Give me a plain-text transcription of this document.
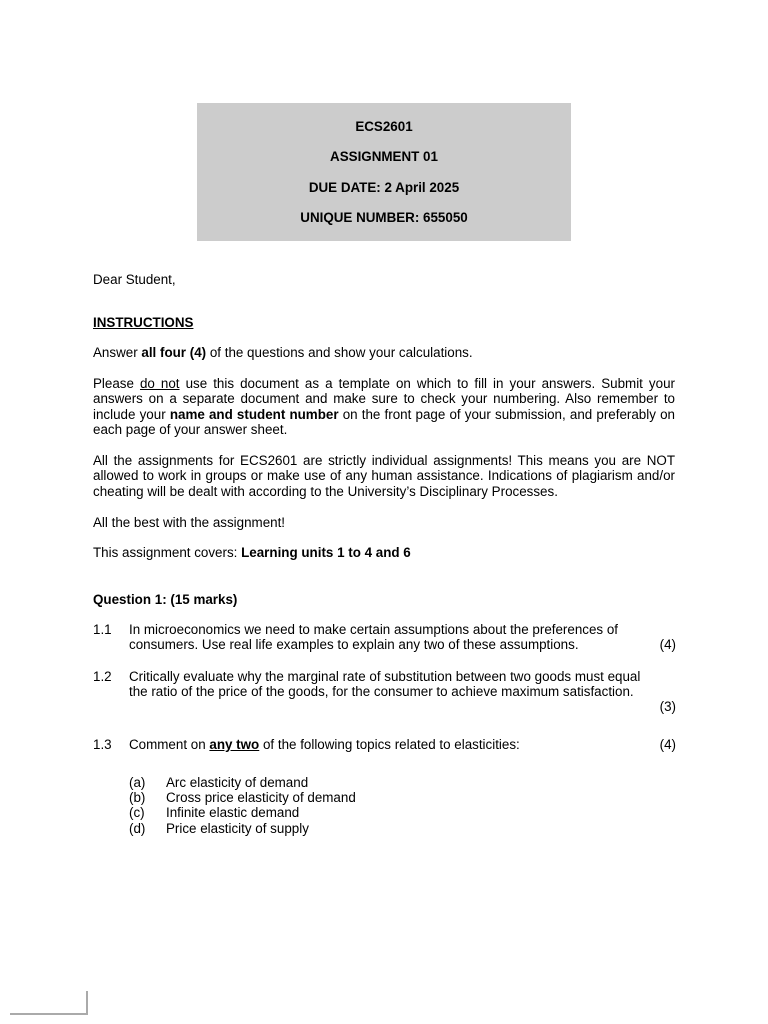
ECS2601
ASSIGNMENT 01
DUE DATE: 2 April 2025
UNIQUE NUMBER: 655050
Dear Student,
INSTRUCTIONS
Answer all four (4) of the questions and show your calculations.
Please do not use this document as a template on which to fill in your answers. Submit your answers on a separate document and make sure to check your numbering. Also remember to include your name and student number on the front page of your submission, and preferably on each page of your answer sheet.
All the assignments for ECS2601 are strictly individual assignments! This means you are NOT allowed to work in groups or make use of any human assistance. Indications of plagiarism and/or cheating will be dealt with according to the University’s Disciplinary Processes.
All the best with the assignment!
This assignment covers: Learning units 1 to 4 and 6
Question 1: (15 marks)
1.1 In microeconomics we need to make certain assumptions about the preferences of
consumers. Use real life examples to explain any two of these assumptions.	(4)
1.2 Critically evaluate why the marginal rate of substitution between two goods must equal
the ratio of the price of the goods, for the consumer to achieve maximum satisfaction.
(3)
1.3 Comment on any two of the following topics related to elasticities:	(4)
(a) Arc elasticity of demand
(b) Cross price elasticity of demand
(c) Infinite elastic demand
(d) Price elasticity of supply
